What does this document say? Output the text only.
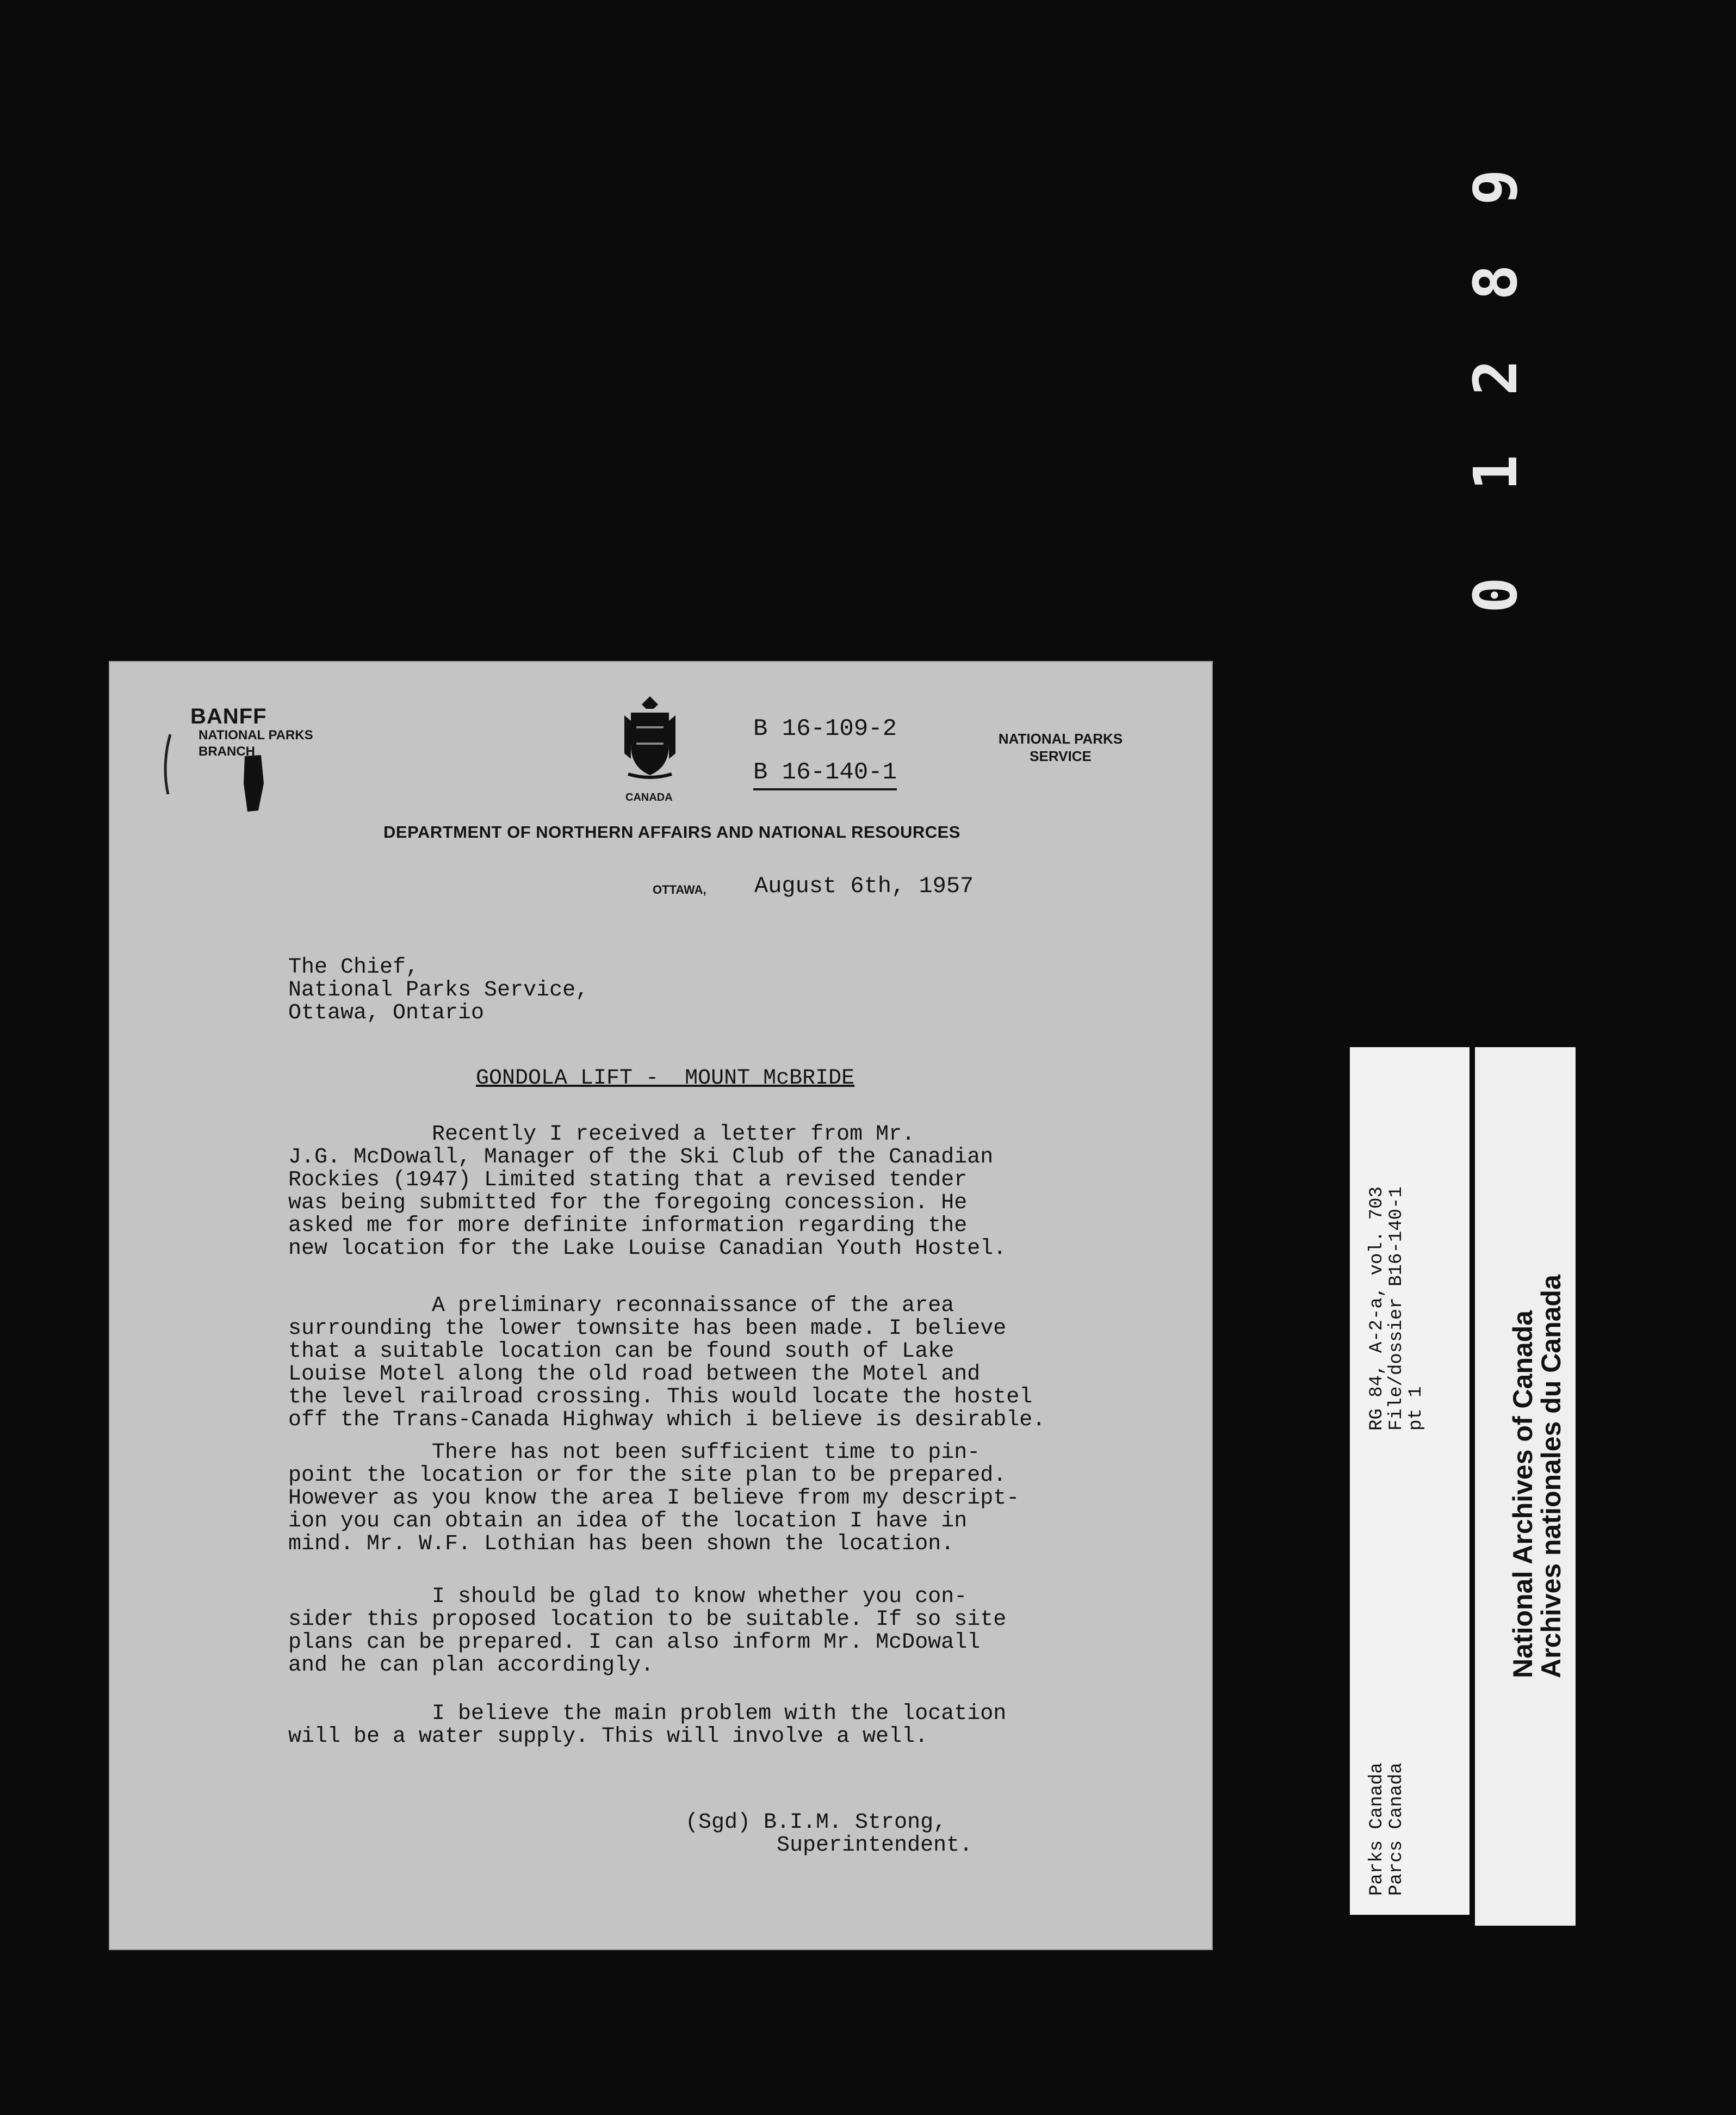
0
1
2
8
9
BANFF
NATIONAL PARKS
BRANCH
CANADA
B 16-109-2
B 16-140-1
NATIONAL PARKS
SERVICE
DEPARTMENT OF NORTHERN AFFAIRS AND NATIONAL RESOURCES
OTTAWA, August 6th, 1957
The Chief,
National Parks Service,
Ottawa, Ontario
GONDOLA LIFT -  MOUNT McBRIDE
Recently I received a letter from Mr.
J.G. McDowall, Manager of the Ski Club of the Canadian
Rockies (1947) Limited stating that a revised tender
was being submitted for the foregoing concession. He
asked me for more definite information regarding the
new location for the Lake Louise Canadian Youth Hostel.
A preliminary reconnaissance of the area
surrounding the lower townsite has been made. I believe
that a suitable location can be found south of Lake
Louise Motel along the old road between the Motel and
the level railroad crossing. This would locate the hostel
off the Trans-Canada Highway which i believe is desirable.
There has not been sufficient time to pin-
point the location or for the site plan to be prepared.
However as you know the area I believe from my descript-
ion you can obtain an idea of the location I have in
mind. Mr. W.F. Lothian has been shown the location.
I should be glad to know whether you con-
sider this proposed location to be suitable. If so site
plans can be prepared. I can also inform Mr. McDowall
and he can plan accordingly.
I believe the main problem with the location
will be a water supply. This will involve a well.
(Sgd) B.I.M. Strong,
Superintendent.	Parks Canada
Parcs Canada
RG 84, A-2-a, vol. 703
File/dossier B16-140-1
pt 1
National Archives of Canada
Archives nationales du Canada
